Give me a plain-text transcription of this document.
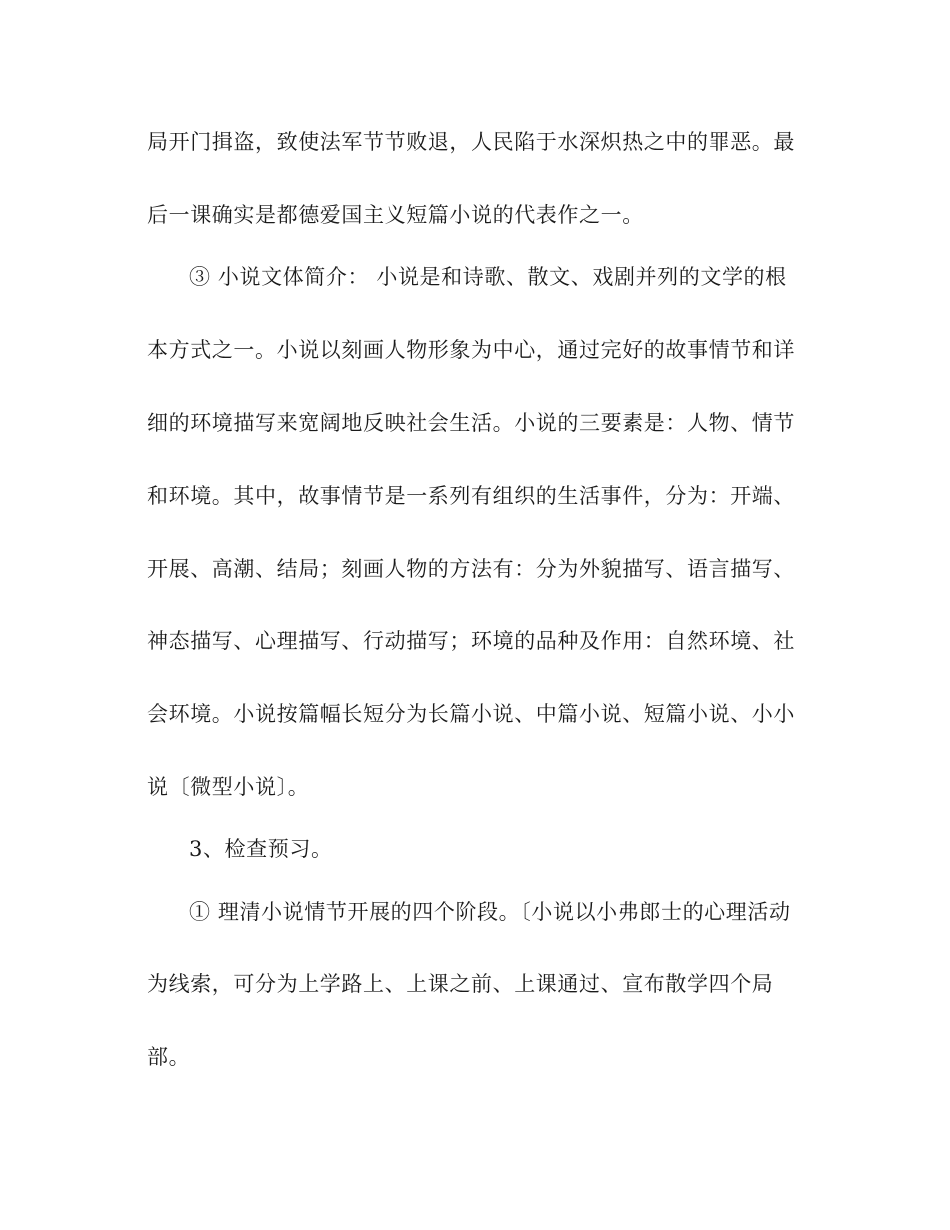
局开门揖盗，致使法军节节败退，人民陷于水深炽热之中的罪恶。最
后一课确实是都德爱国主义短篇小说的代表作之一。
③ 小说文体简介： 小说是和诗歌、散文、戏剧并列的文学的根
本方式之一。小说以刻画人物形象为中心，通过完好的故事情节和详
细的环境描写来宽阔地反映社会生活。小说的三要素是：人物、情节
和环境。其中，故事情节是一系列有组织的生活事件，分为：开端、
开展、高潮、结局；刻画人物的方法有：分为外貌描写、语言描写、
神态描写、心理描写、行动描写；环境的品种及作用：自然环境、社
会环境。小说按篇幅长短分为长篇小说、中篇小说、短篇小说、小小
说〔微型小说〕。
3、检查预习。
① 理清小说情节开展的四个阶段。〔小说以小弗郎士的心理活动
为线索，可分为上学路上、上课之前、上课通过、宣布散学四个局
部。
